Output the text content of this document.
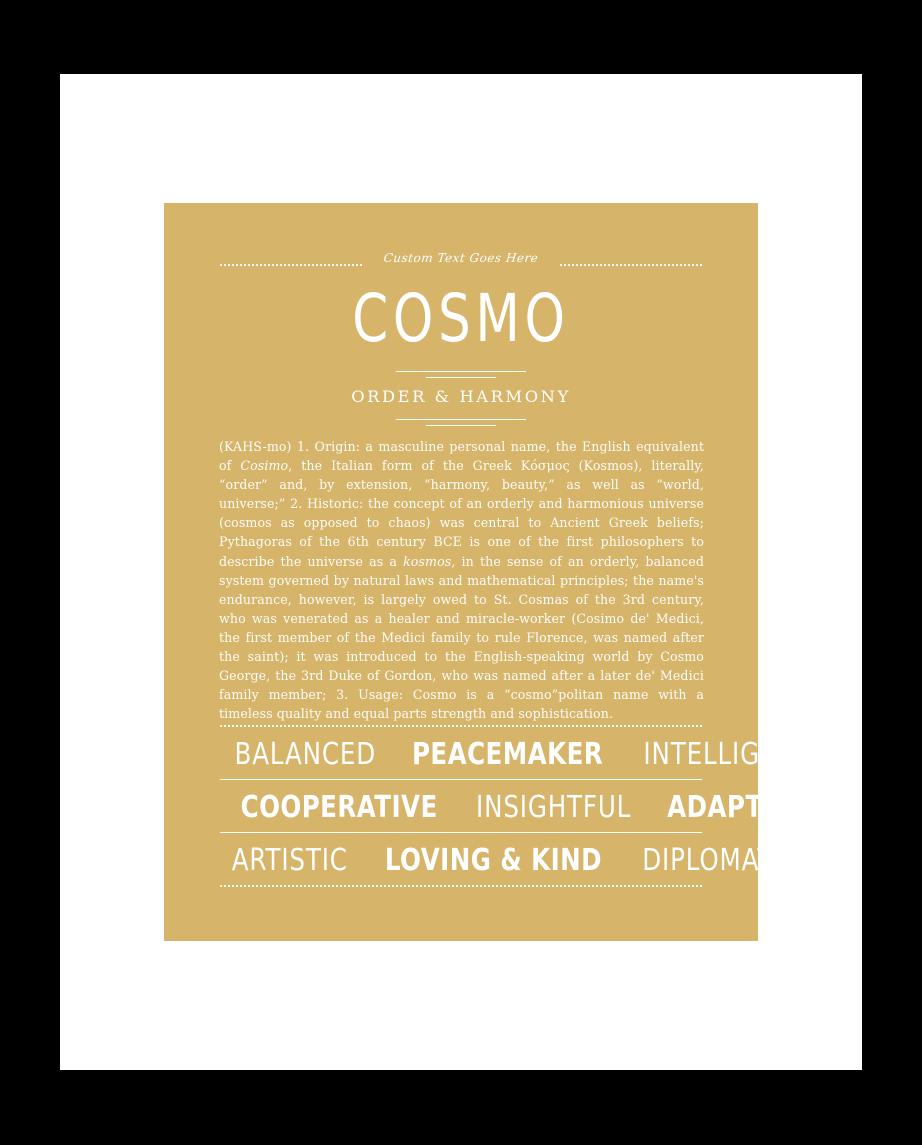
Custom Text Goes Here
COSMO
ORDER & HARMONY
(KAHS-mo) 1. Origin: a masculine personal name, the English equivalent of Cosimo, the Italian form of the Greek Κόσμος (Kosmos), literally, “order” and, by extension, “harmony, beauty,” as well as “world, universe;” 2. Historic: the concept of an orderly and harmonious universe (cosmos as opposed to chaos) was central to Ancient Greek beliefs; Pythagoras of the 6th century BCE is one of the first philosophers to describe the universe as a kosmos, in the sense of an orderly, balanced system governed by natural laws and mathematical principles; the name's endurance, however, is largely owed to St. Cosmas of the 3rd century, who was venerated as a healer and miracle-worker (Cosimo de' Medici, the first member of the Medici family to rule Florence, was named after the saint); it was introduced to the English-speaking world by Cosmo George, the 3rd Duke of Gordon, who was named after a later de' Medici family member; 3. Usage: Cosmo is a “cosmo”politan name with a timeless quality and equal parts strength and sophistication.
BALANCED	PEACEMAKER	INTELLIGENT
COOPERATIVE	INSIGHTFUL	ADAPTABLE
ARTISTIC	LOVING & KIND	DIPLOMATIC
